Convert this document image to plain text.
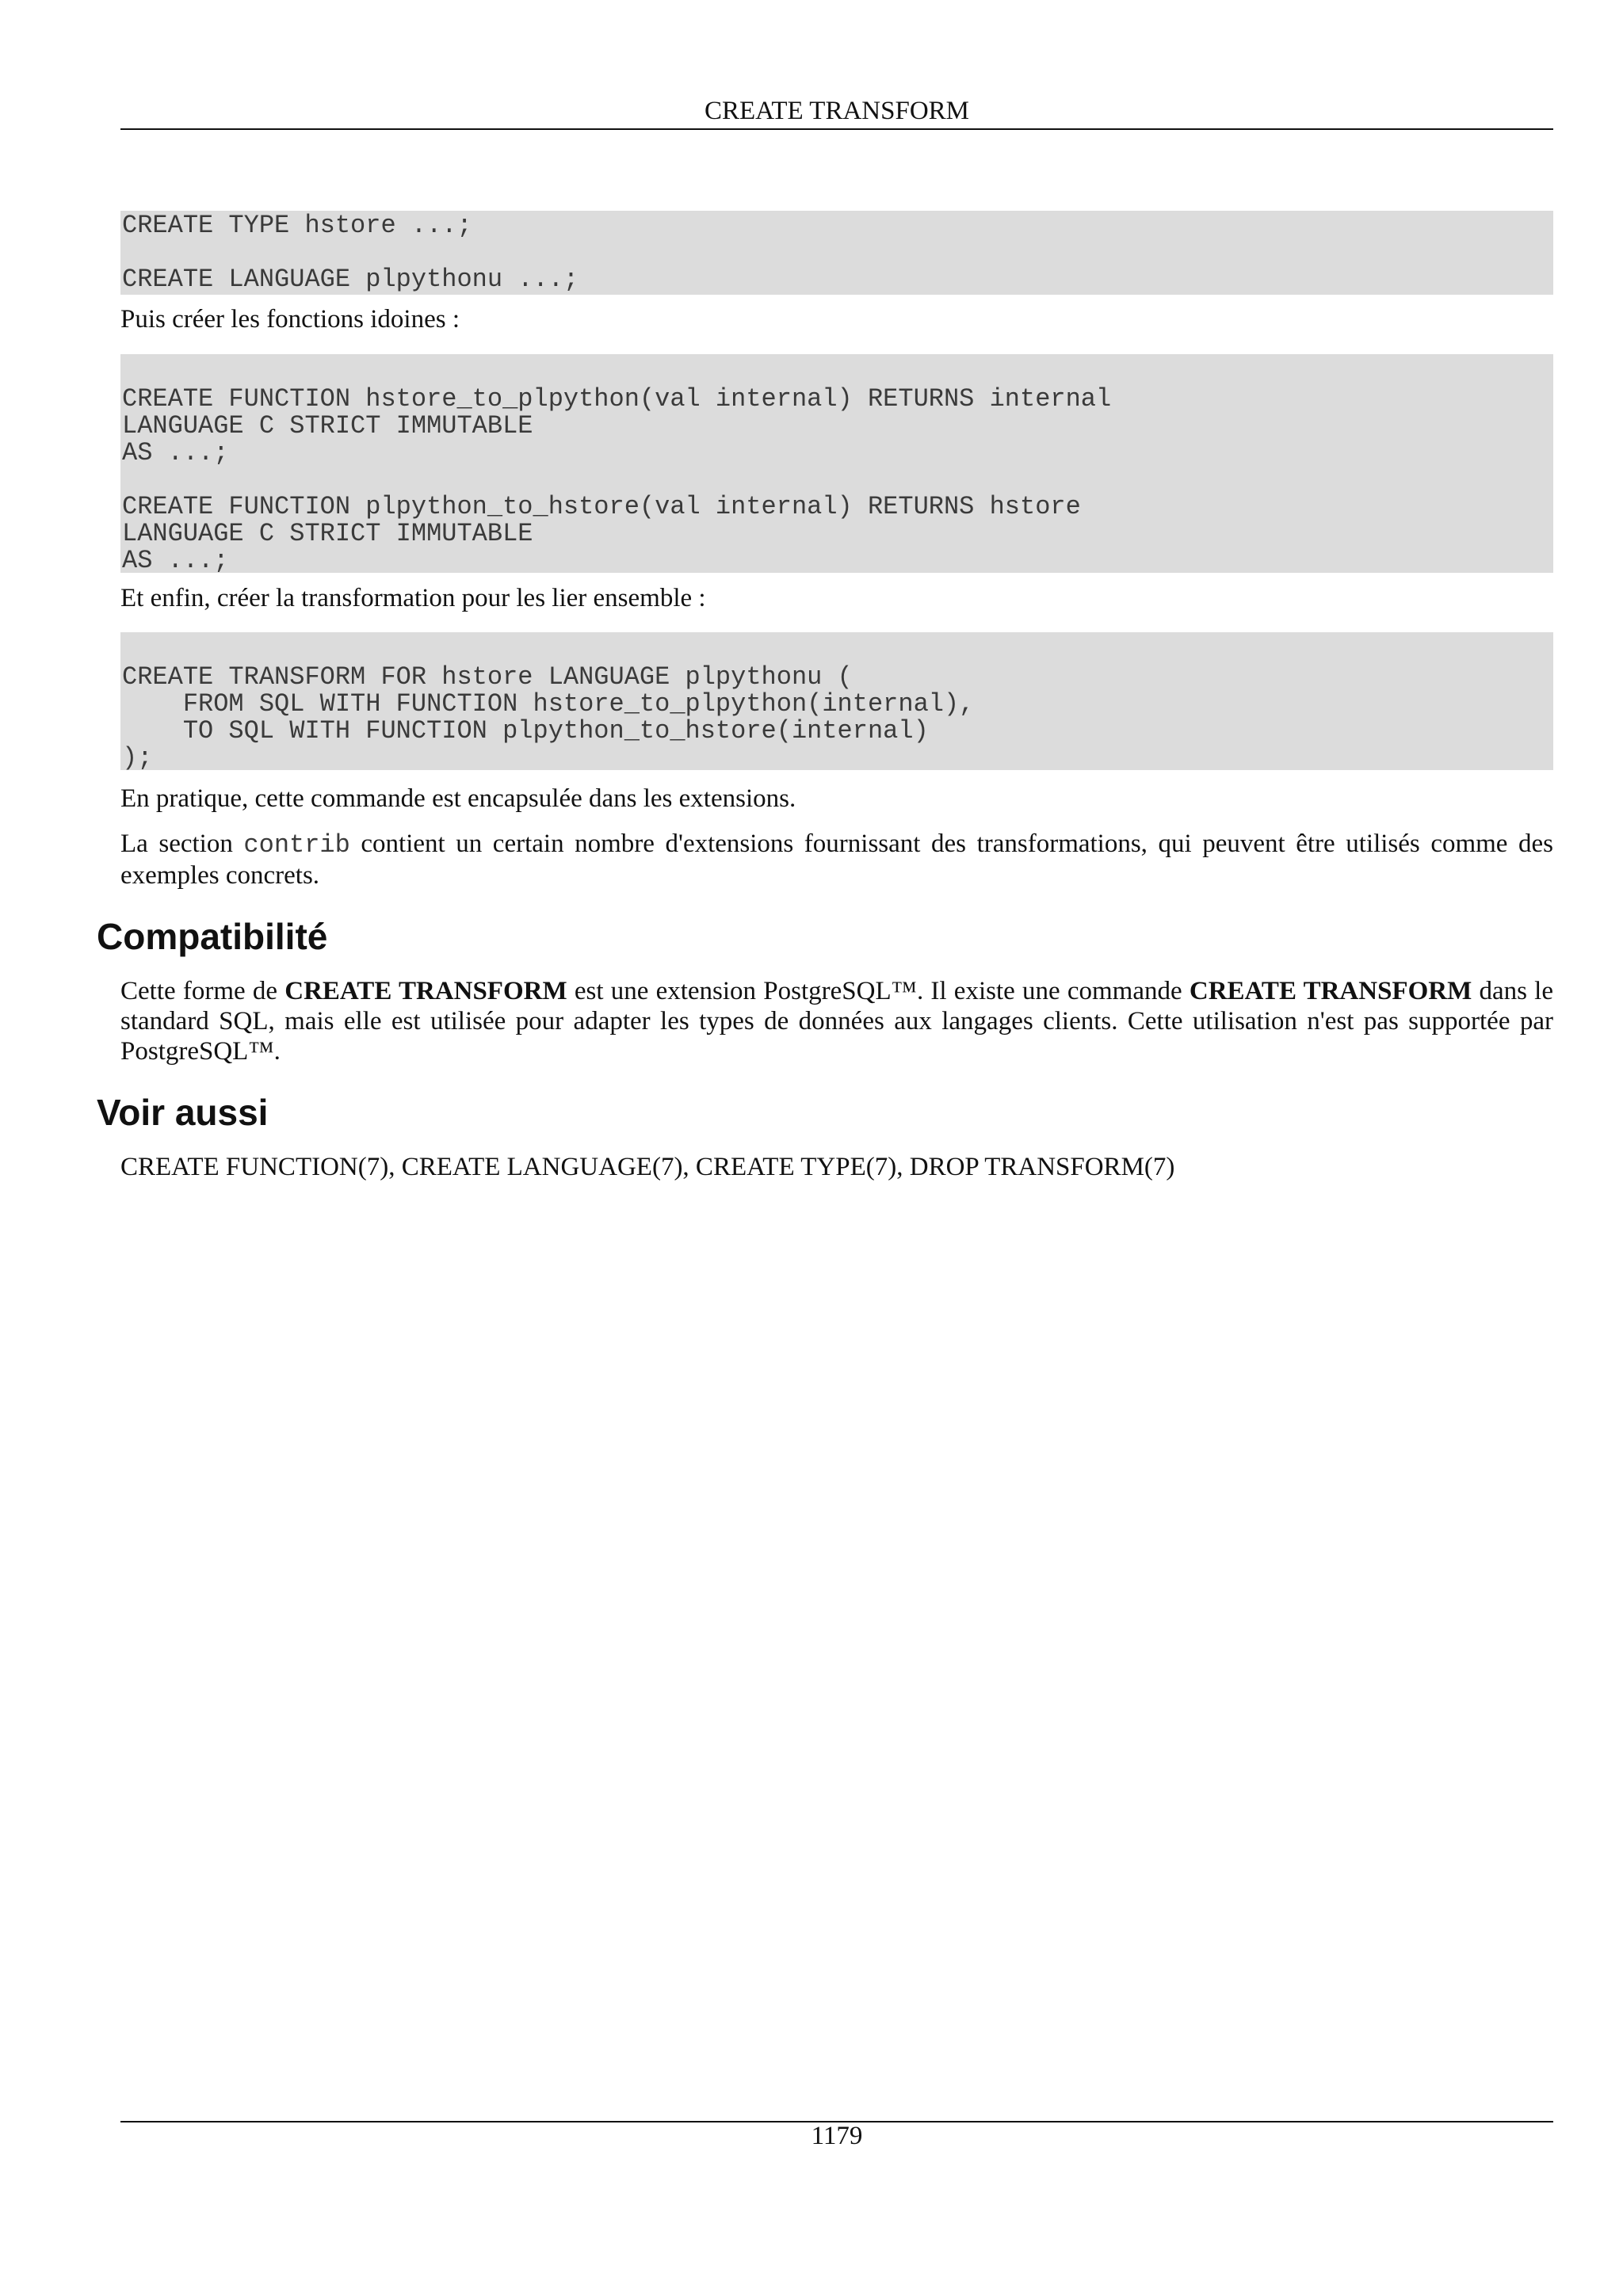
CREATE TRANSFORM
CREATE TYPE hstore ...;

CREATE LANGUAGE plpythonu ...;

Puis créer les fonctions idoines :

CREATE FUNCTION hstore_to_plpython(val internal) RETURNS internal
LANGUAGE C STRICT IMMUTABLE
AS ...;

CREATE FUNCTION plpython_to_hstore(val internal) RETURNS hstore
LANGUAGE C STRICT IMMUTABLE
AS ...;

Et enfin, créer la transformation pour les lier ensemble :

CREATE TRANSFORM FOR hstore LANGUAGE plpythonu (
FROM SQL WITH FUNCTION hstore_to_plpython(internal),
TO SQL WITH FUNCTION plpython_to_hstore(internal)
);

En pratique, cette commande est encapsulée dans les extensions.

La section contrib contient un certain nombre d'extensions fournissant des transformations, qui peuvent être utilisés comme des exemples concrets.

Compatibilité

Cette forme de CREATE TRANSFORM est une extension PostgreSQL™. Il existe une commande CREATE TRANSFORM dans le standard SQL, mais elle est utilisée pour adapter les types de données aux langages clients. Cette utilisation n'est pas supportée par PostgreSQL™.

Voir aussi

CREATE FUNCTION(7), CREATE LANGUAGE(7), CREATE TYPE(7), DROP TRANSFORM(7)

1179
